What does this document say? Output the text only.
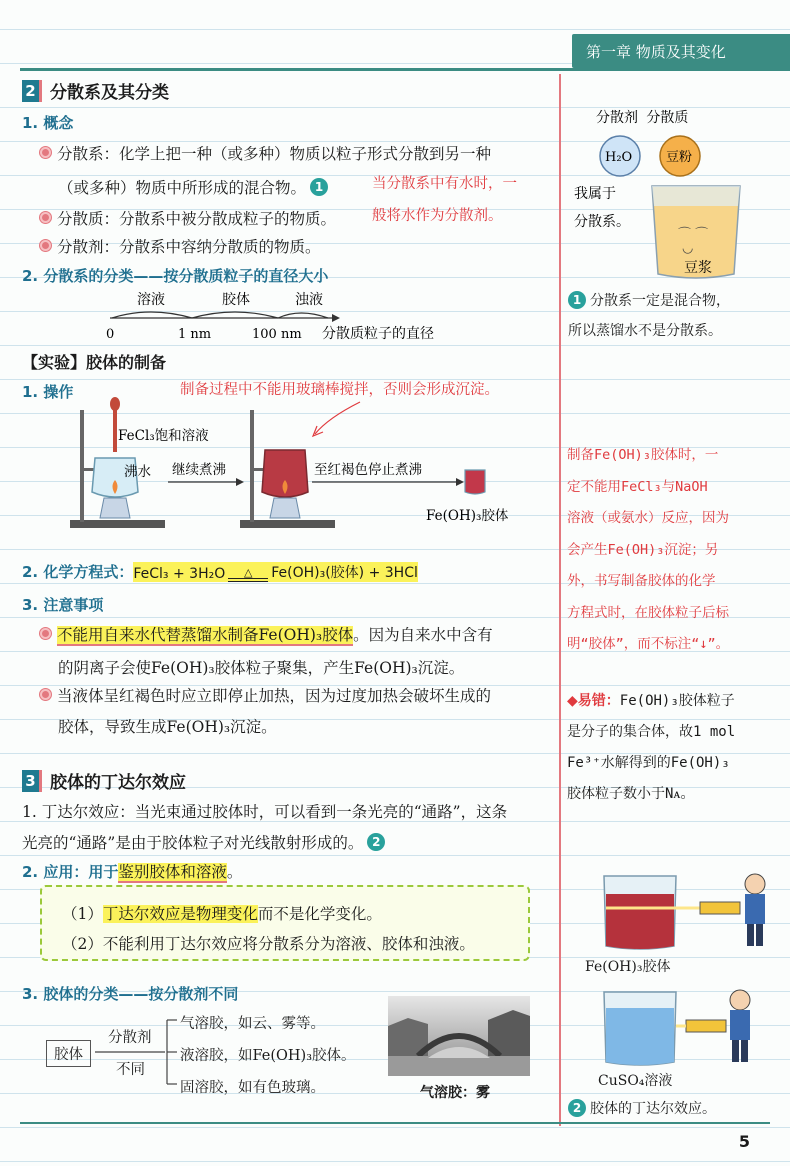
第一章 物质及其变化
2 分散系及其分类
1. 概念
分散系：化学上把一种（或多种）物质以粒子形式分散到另一种
（或多种）物质中所形成的混合物。 1	当分散系中有水时，一
般将水作为分散剂。
分散质：分散系中被分散成粒子的物质。
分散剂：分散系中容纳分散质的物质。
2. 分散系的分类——按分散质粒子的直径大小
溶液	胶体	浊液
0	1 nm	100 nm 分散质粒子的直径
【实验】胶体的制备
1. 操作	制备过程中不能用玻璃棒搅拌，否则会形成沉淀。
FeCl₃饱和溶液
沸水 继续煮沸	至红褐色停止煮沸
Fe(OH)₃胶体
2. 化学方程式： FeCl₃ + 3H₂O △ Fe(OH)₃(胶体) + 3HCl
3. 注意事项
不能用自来水代替蒸馏水制备Fe(OH)₃胶体。因为自来水中含有
的阴离子会使Fe(OH)₃胶体粒子聚集，产生Fe(OH)₃沉淀。
当液体呈红褐色时应立即停止加热，因为过度加热会破坏生成的
胶体，导致生成Fe(OH)₃沉淀。
3 胶体的丁达尔效应
1. 丁达尔效应：当光束通过胶体时，可以看到一条光亮的“通路”，这条
光亮的“通路”是由于胶体粒子对光线散射形成的。 2
2. 应用：用于鉴别胶体和溶液。
（1）丁达尔效应是物理变化而不是化学变化。
（2）不能利用丁达尔效应将分散系分为溶液、胶体和浊液。
3. 胶体的分类——按分散剂不同
胶体
分散剂
不同
气溶胶，如云、雾等。
液溶胶，如Fe(OH)₃胶体。
固溶胶，如有色玻璃。	气溶胶：雾
分散剂 分散质
H₂O	豆粉
⌒ ⌒
◡
豆浆
我属于
分散系。
1 分散系一定是混合物，
所以蒸馏水不是分散系。
制备Fe(OH)₃胶体时，一
定不能用FeCl₃与NaOH
溶液（或氨水）反应，因为
会产生Fe(OH)₃沉淀；另
外，书写制备胶体的化学
方程式时，在胶体粒子后标
明“胶体”，而不标注“↓”。
◆易错：Fe(OH)₃胶体粒子
是分子的集合体，故1 mol
Fe³⁺水解得到的Fe(OH)₃
胶体粒子数小于Nᴀ。
Fe(OH)₃胶体
CuSO₄溶液
2 胶体的丁达尔效应。
5
